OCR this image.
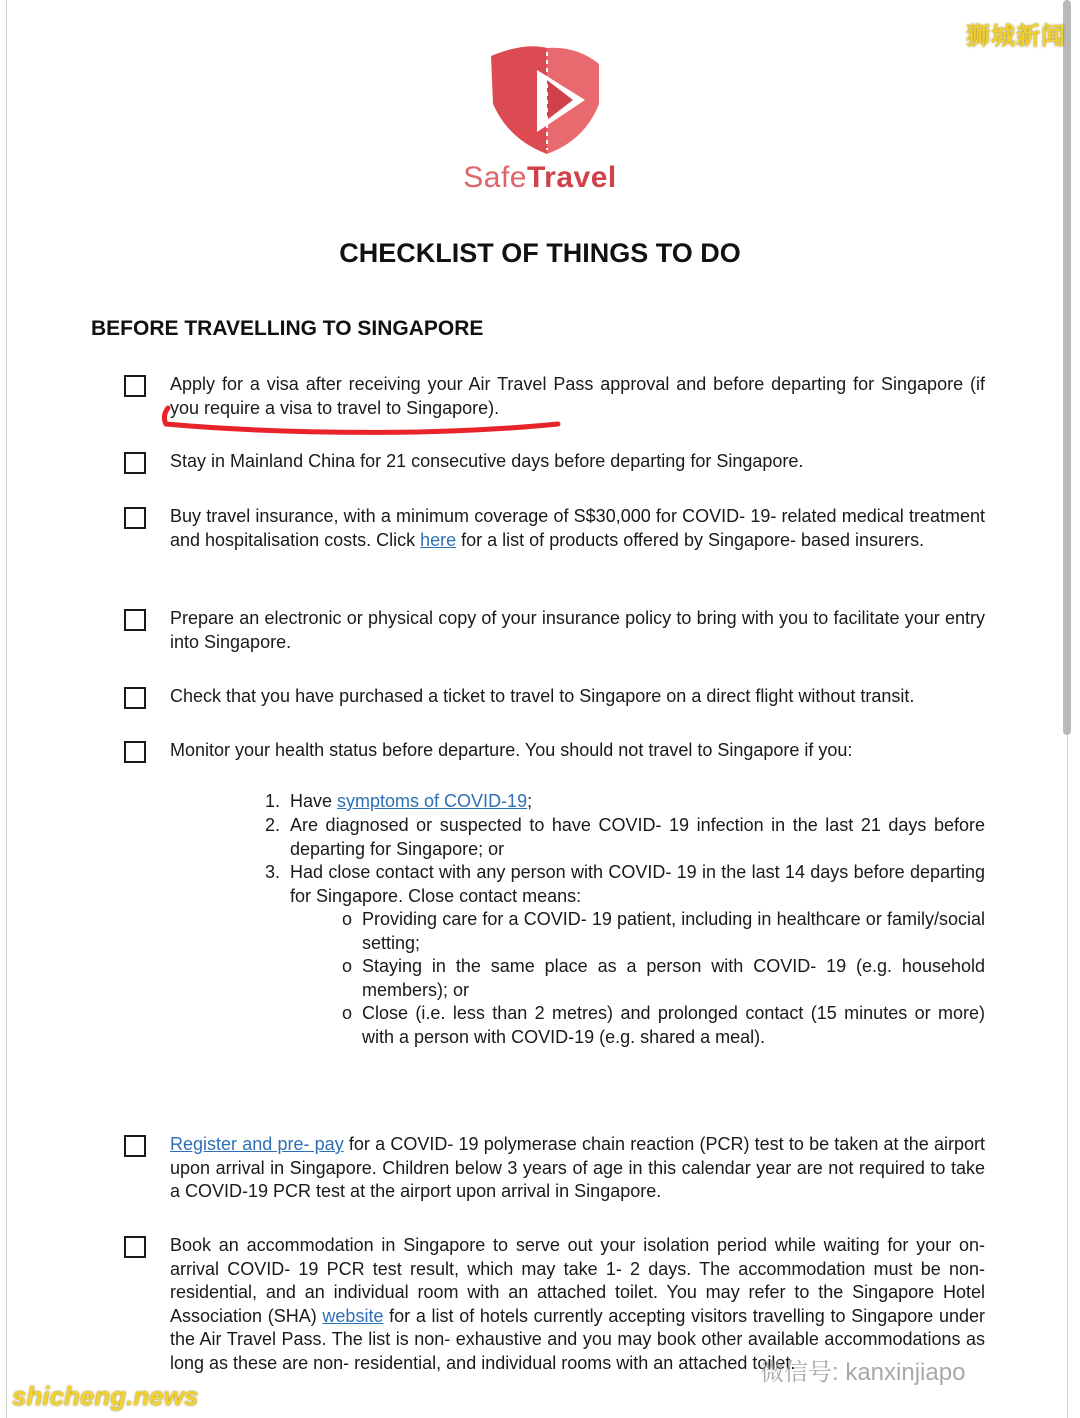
狮城新闻
SafeTravel
CHECKLIST OF THINGS TO DO
BEFORE TRAVELLING TO SINGAPORE
Apply for a visa after receiving your Air Travel Pass approval and before departing for Singapore (if you require a visa to travel to Singapore).
Stay in Mainland China for 21 consecutive days before departing for Singapore.
Buy travel insurance, with a minimum coverage of S$30,000 for COVID- 19- related medical treatment and hospitalisation costs. Click here for a list of products offered by Singapore- based insurers.
Prepare an electronic or physical copy of your insurance policy to bring with you to facilitate your entry into Singapore.
Check that you have purchased a ticket to travel to Singapore on a direct flight without transit.
Monitor your health status before departure. You should not travel to Singapore if you:
1. Have symptoms of COVID-19;
2. Are diagnosed or suspected to have COVID- 19 infection in the last 21 days before departing for Singapore; or
3. Had close contact with any person with COVID- 19 in the last 14 days before departing for Singapore. Close contact means:
o Providing care for a COVID- 19 patient, including in healthcare or family/social setting;
o Staying in the same place as a person with COVID- 19 (e.g. household members); or
o Close (i.e. less than 2 metres) and prolonged contact (15 minutes or more) with a person with COVID-19 (e.g. shared a meal).
Register and pre- pay for a COVID- 19 polymerase chain reaction (PCR) test to be taken at the airport upon arrival in Singapore. Children below 3 years of age in this calendar year are not required to take a COVID-19 PCR test at the airport upon arrival in Singapore.
Book an accommodation in Singapore to serve out your isolation period while waiting for your on- arrival COVID- 19 PCR test result, which may take 1- 2 days. The accommodation must be non- residential, and an individual room with an attached toilet. You may refer to the Singapore Hotel Association (SHA) website for a list of hotels currently accepting visitors travelling to Singapore under the Air Travel Pass. The list is non- exhaustive and you may book other available accommodations as long as these are non- residential, and individual rooms with an attached toilet.
微信号: kanxinjiapo
shicheng.news
